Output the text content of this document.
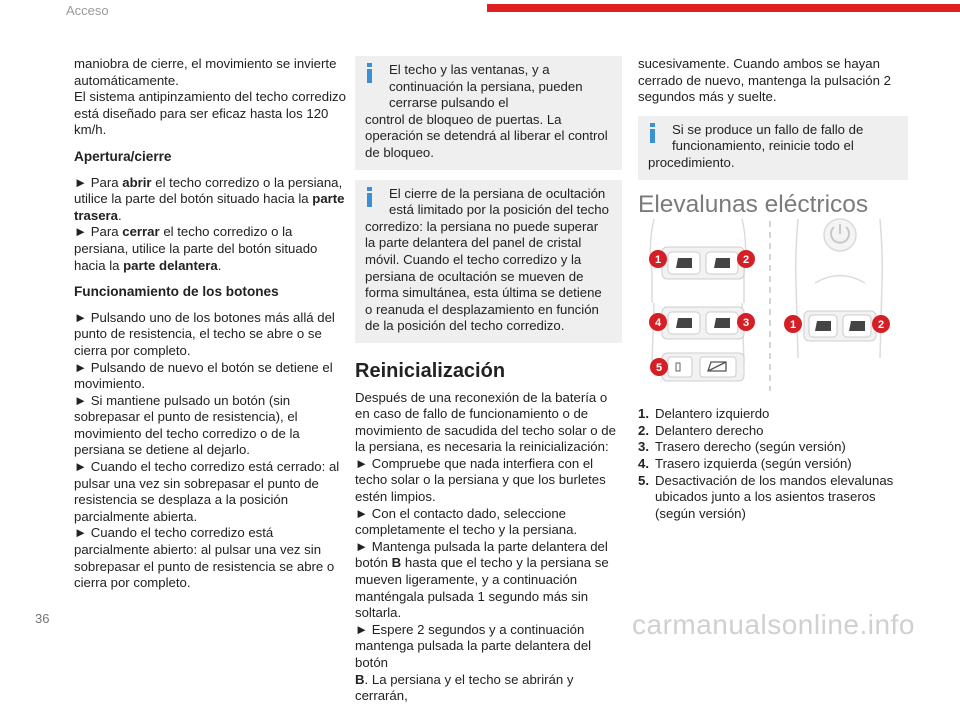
Acceso

maniobra de cierre, el movimiento se invierte automáticamente.

El sistema antipinzamiento del techo corredizo está diseñado para ser eficaz hasta los 120 km/h.

Apertura/cierre

► Para abrir el techo corredizo o la persiana, utilice la parte del botón situado hacia la parte trasera.

► Para cerrar el techo corredizo o la persiana, utilice la parte del botón situado hacia la parte delantera.

Funcionamiento de los botones

► Pulsando uno de los botones más allá del punto de resistencia, el techo se abre o se cierra por completo.

► Pulsando de nuevo el botón se detiene el movimiento.

► Si mantiene pulsado un botón (sin sobrepasar el punto de resistencia), el movimiento del techo corredizo o de la persiana se detiene al dejarlo.

► Cuando el techo corredizo está cerrado: al pulsar una vez sin sobrepasar el punto de resistencia se desplaza a la posición parcialmente abierta.

► Cuando el techo corredizo está parcialmente abierto: al pulsar una vez sin sobrepasar el punto de resistencia se abre o cierra por completo.

El techo y las ventanas, y a continuación la persiana, pueden cerrarse pulsando el
control de bloqueo de puertas. La operación se detendrá al liberar el control de bloqueo.
El cierre de la persiana de ocultación está limitado por la posición del techo
corredizo: la persiana no puede superar la parte delantera del panel de cristal móvil. Cuando el techo corredizo y la persiana de ocultación se mueven de forma simultánea, esta última se detiene o reanuda el desplazamiento en función de la posición del techo corredizo.
Reinicialización

Después de una reconexión de la batería o en caso de fallo de funcionamiento o de movimiento de sacudida del techo solar o de la persiana, es necesaria la reinicialización:

► Compruebe que nada interfiera con el techo solar o la persiana y que los burletes estén limpios.

► Con el contacto dado, seleccione completamente el techo y la persiana.

► Mantenga pulsada la parte delantera del botón B hasta que el techo y la persiana se mueven ligeramente, y a continuación manténgala pulsada 1 segundo más sin soltarla.

► Espere 2 segundos y a continuación mantenga pulsada la parte delantera del botón

B. La persiana y el techo se abrirán y cerrarán,

sucesivamente. Cuando ambos se hayan cerrado de nuevo, mantenga la pulsación 2 segundos más y suelte.

Si se produce un fallo de fallo de funcionamiento, reinicie todo el
procedimiento.
Elevalunas eléctricos
1. Delantero izquierdo
2. Delantero derecho
3. Trasero derecho (según versión)
4. Trasero izquierda (según versión)
5. Desactivación de los mandos elevalunas ubicados junto a los asientos traseros (según versión)
1	2
4	3
5
1	2
36	carmanualsonline.info
